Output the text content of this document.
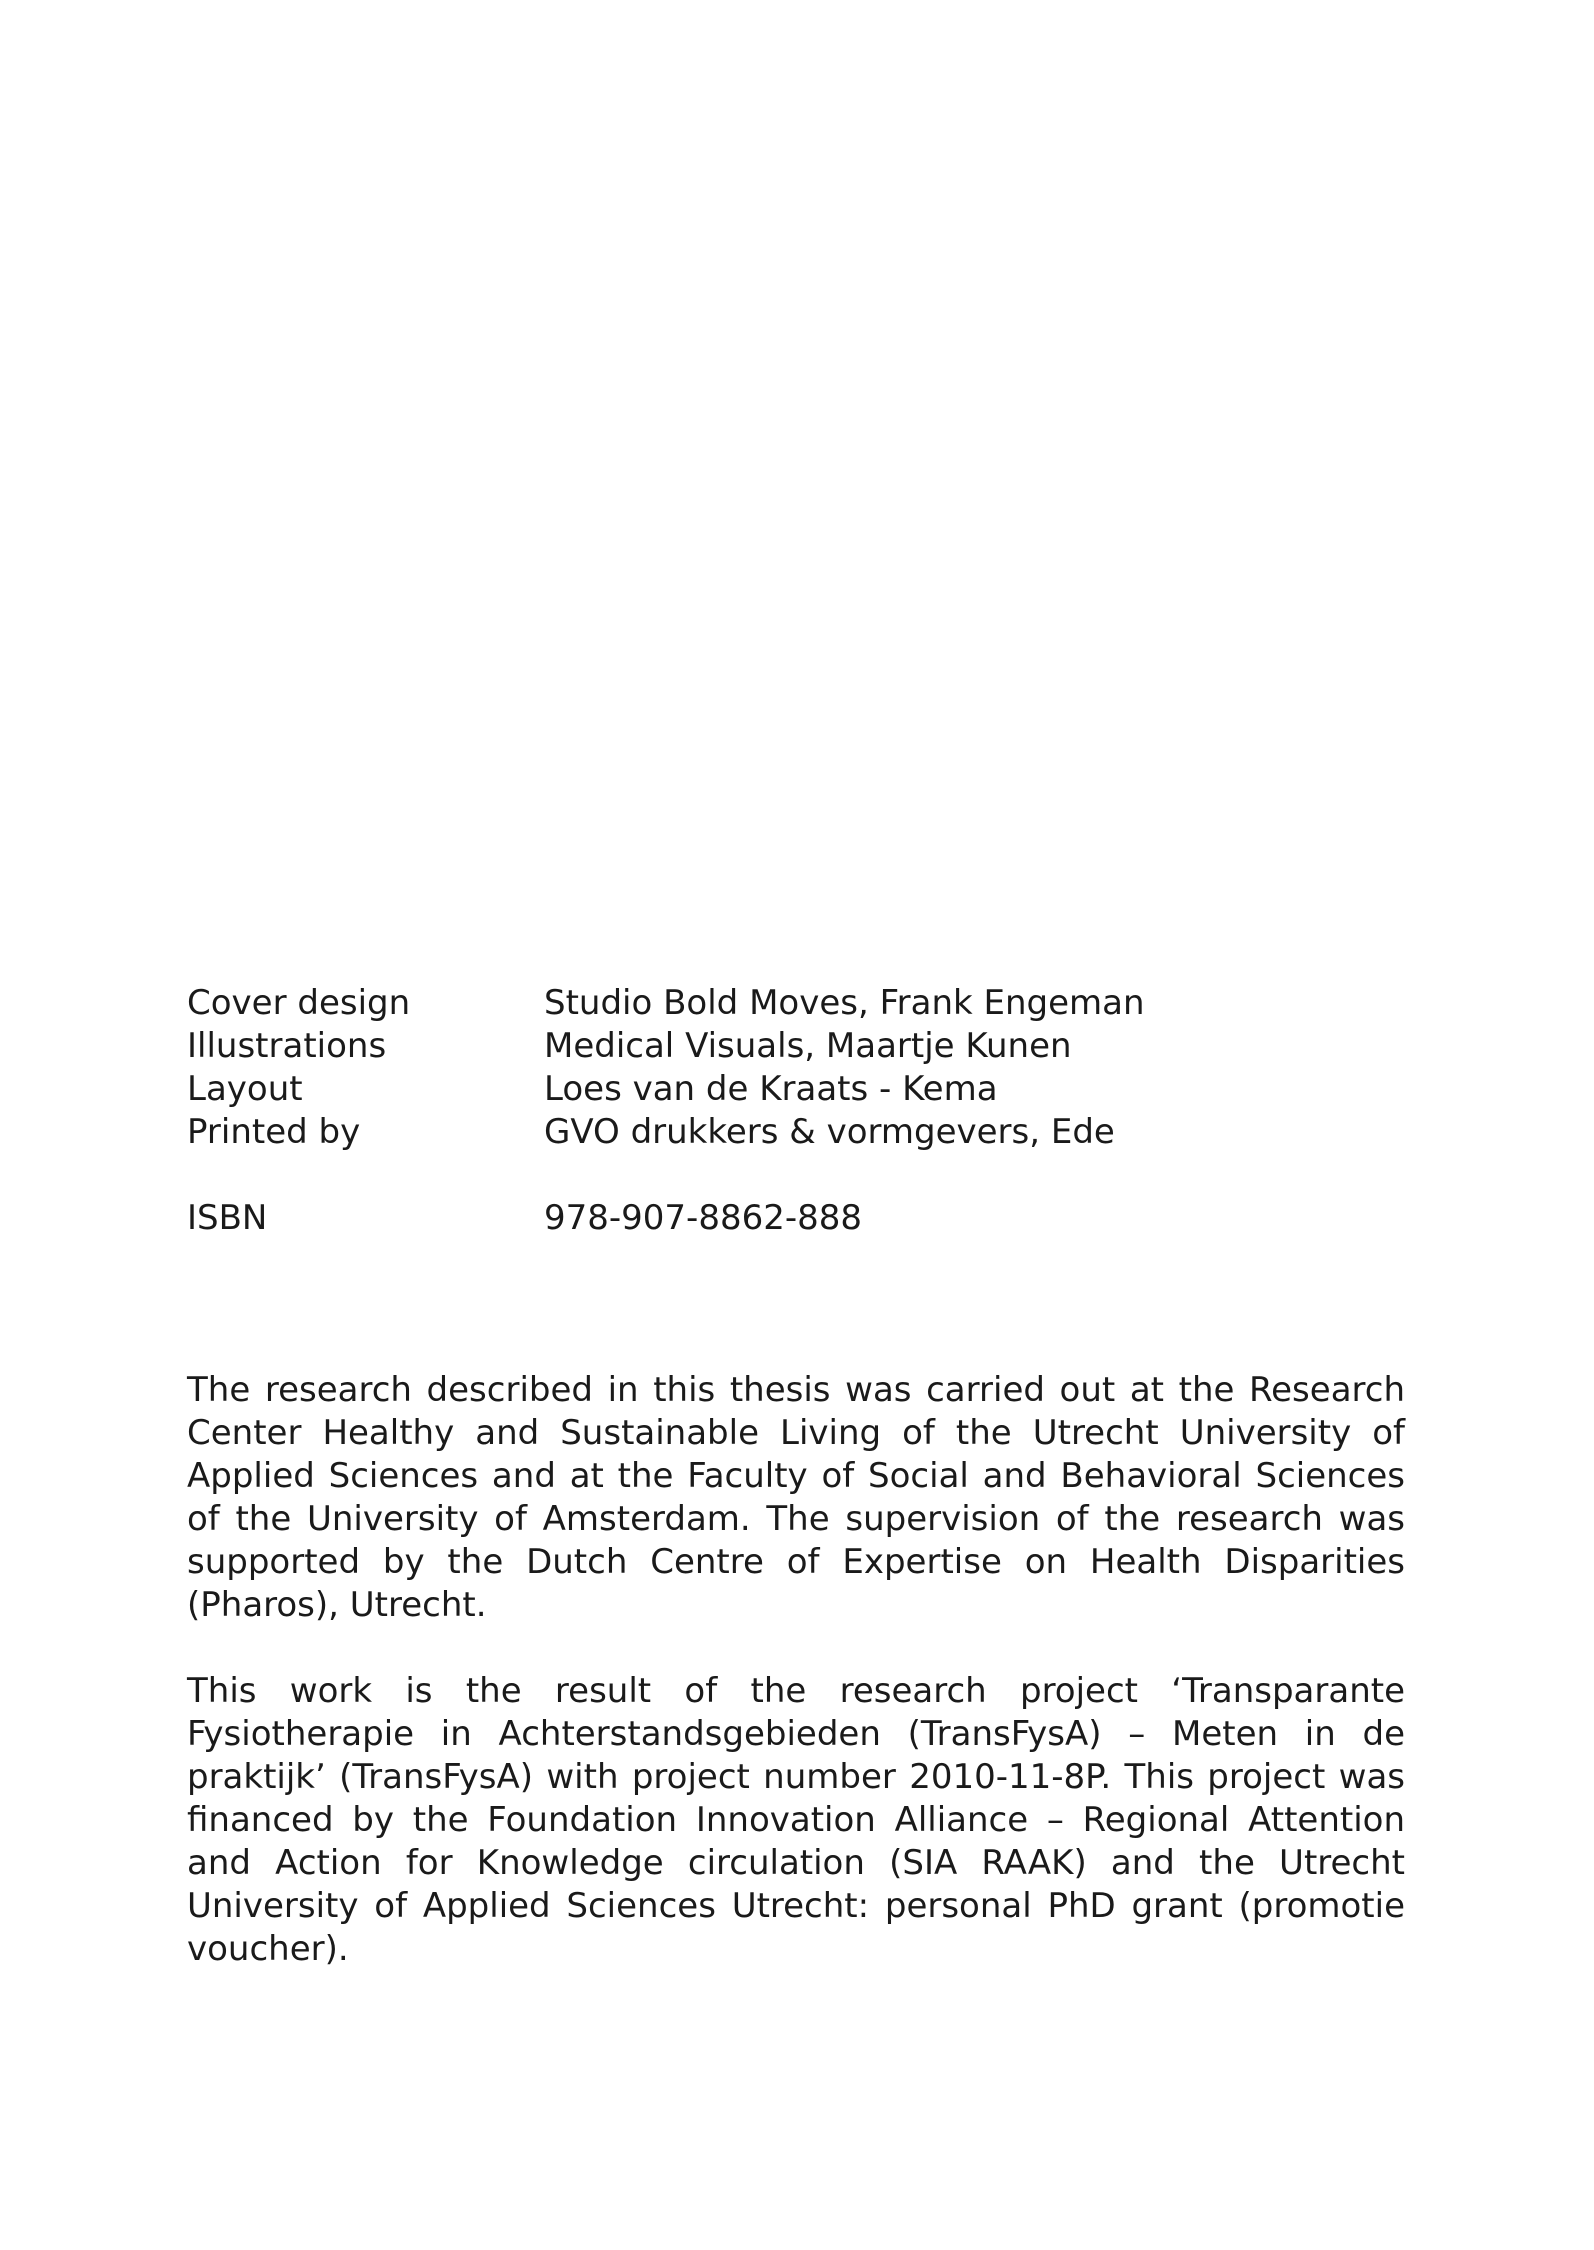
Cover design	Studio Bold Moves, Frank Engeman
Illustrations	Medical Visuals, Maartje Kunen
Layout	Loes van de Kraats - Kema
Printed by	GVO drukkers & vormgevers, Ede
ISBN	978-907-8862-888

The research described in this thesis was carried out at the Research Center Healthy and Sustainable Living of the Utrecht University of Applied Sciences and at the Faculty of Social and Behavioral Sciences of the University of Amsterdam. The supervision of the research was supported by the Dutch Centre of Expertise on Health Disparities (Pharos), Utrecht.

This work is the result of the research project ‘Transparante Fysiotherapie in Achterstandsgebieden (TransFysA) – Meten in de praktijk’ (TransFysA) with project number 2010-11-8P. This project was financed by the Foundation Innovation Alliance – Regional Attention and Action for Knowledge circulation (SIA RAAK) and the Utrecht University of Applied Sciences Utrecht: personal PhD grant (promotie voucher).
